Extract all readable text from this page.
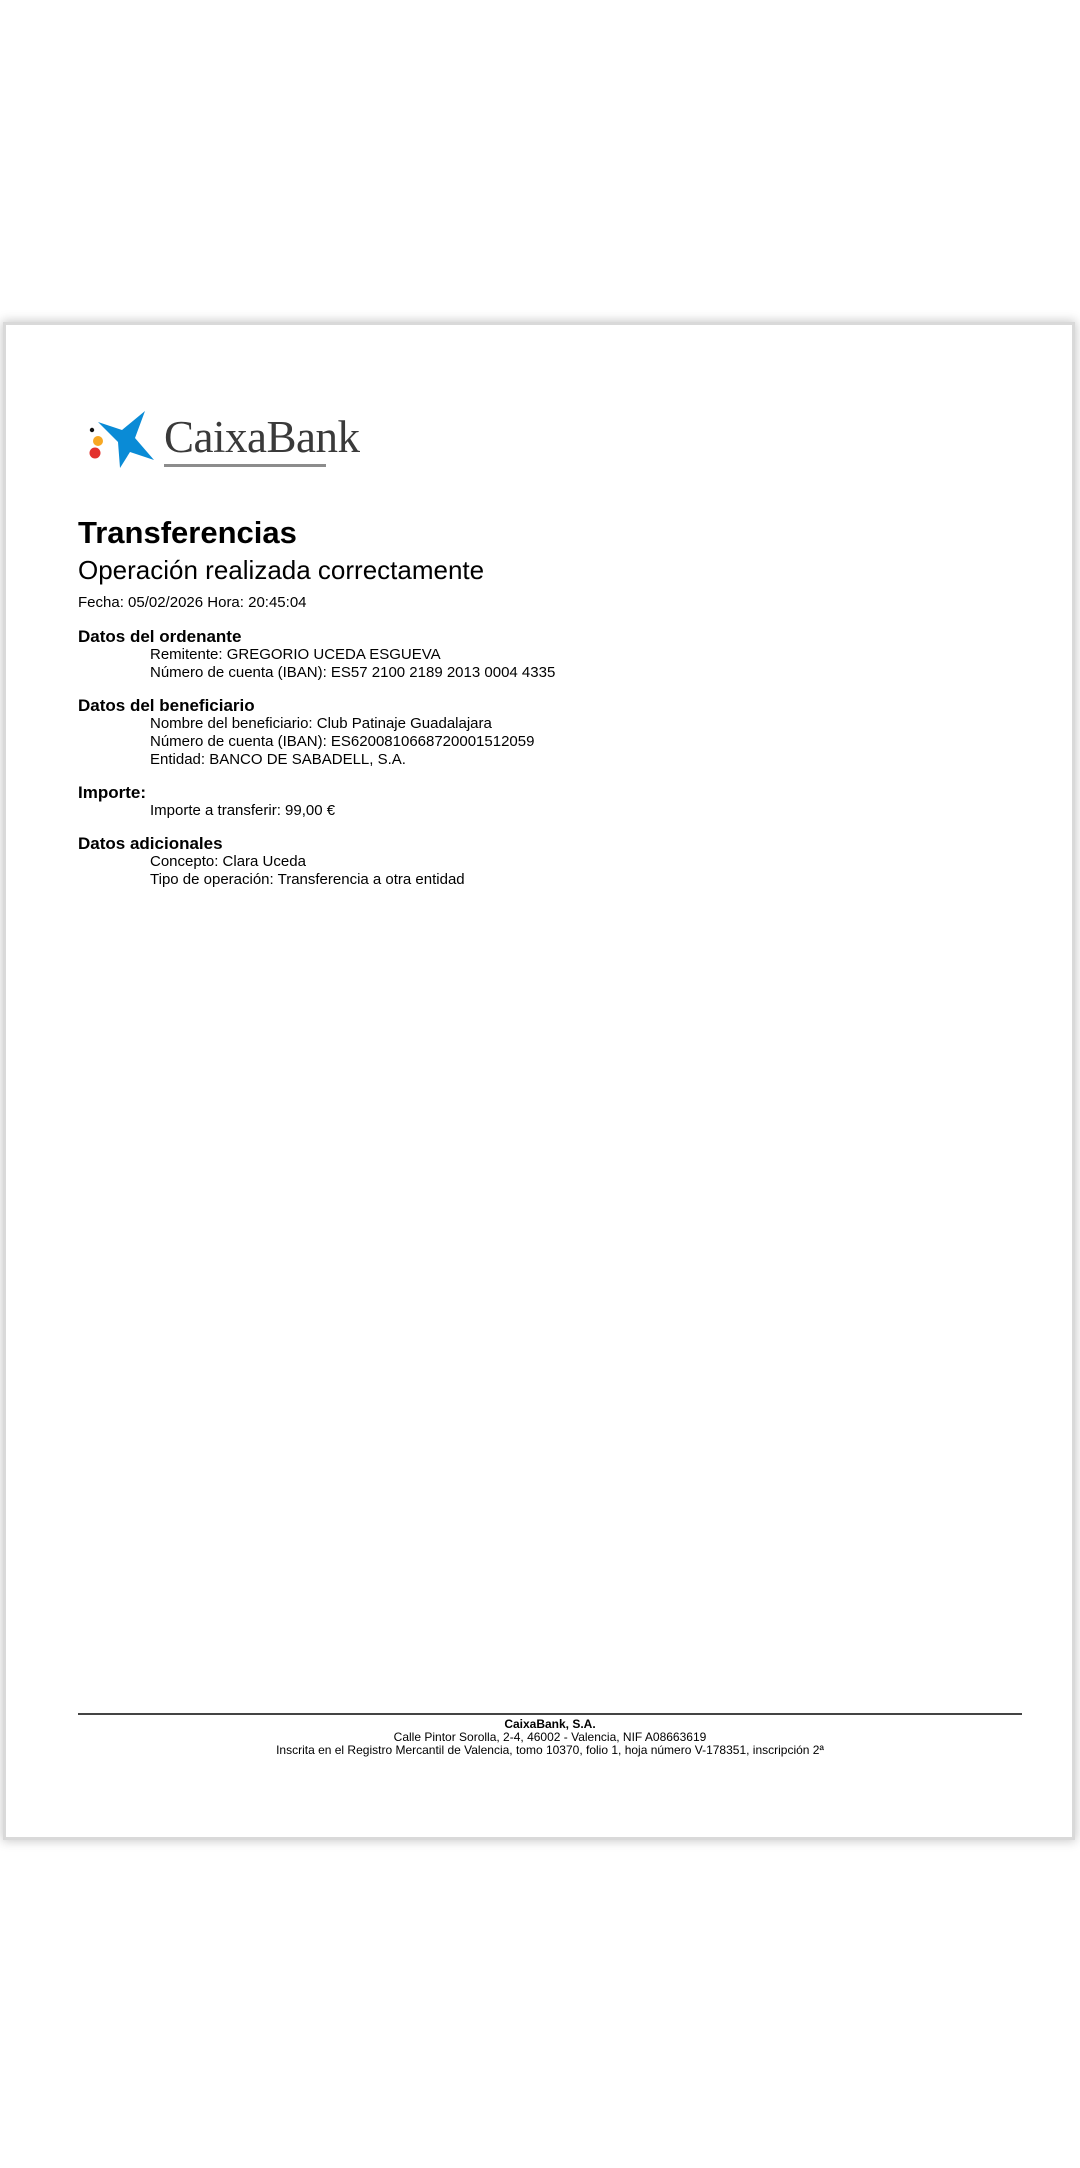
CaixaBank
Transferencias
Operación realizada correctamente
Fecha: 05/02/2026 Hora: 20:45:04
Datos del ordenante
Remitente: GREGORIO UCEDA ESGUEVA
Número de cuenta (IBAN): ES57 2100 2189 2013 0004 4335
Datos del beneficiario
Nombre del beneficiario: Club Patinaje Guadalajara
Número de cuenta (IBAN): ES6200810668720001512059
Entidad: BANCO DE SABADELL, S.A.
Importe:
Importe a transferir: 99,00 €
Datos adicionales
Concepto: Clara Uceda
Tipo de operación: Transferencia a otra entidad
CaixaBank, S.A.
Calle Pintor Sorolla, 2-4, 46002 - Valencia, NIF A08663619
Inscrita en el Registro Mercantil de Valencia, tomo 10370, folio 1, hoja número V-178351, inscripción 2ª
